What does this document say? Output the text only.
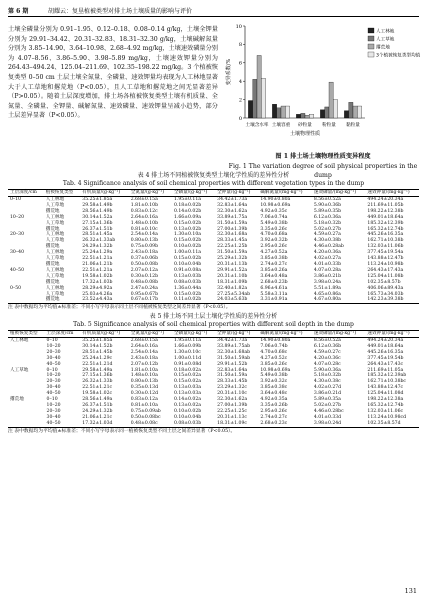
第 6 期	胡耀云：复垦植被类型对排土场土壤质量的影响与评价
土壤全磷量分别为 0.91–1.95、0.12–0.18、0.08–0.14 g/kg，土壤全钾量分别为 29.91–34.42、20.31–32.83、18.31–32.30 g/kg，土壤碱解氮量分别为 3.85–14.90、3.64–10.98、2.68–4.92 mg/kg，土壤速效磷量分别为 4.07–8.56、3.86–5.90、3.98–5.89 mg/kg，土壤速效钾量分别为 264.43–494.24、125.04–211.69、102.35–198.22 mg/kg。3 个植被恢复类型 0–50 cm 土层土壤全氮量、全磷量、速效钾量均表现为人工林地显著大于人工草地和撂荒地（P<0.05），且人工草地和撂荒地之间无显著差异（P>0.05）。随着土层深度增加，排土场各植被恢复类型土壤有机质量、全氮量、全磷量、全钾量、碱解氮量、速效磷量、速效钾量呈减小趋势，部分土层差异显著（P<0.05）。	0
2
4
6
8
10
变异系数/%
土壤含水率 土壤容重 砂粒量 粉粒量 黏粒量
土壤物理性质
人工林地
人工草地
撂荒地
3个植被恢复类型均值
图 1 排土场土壤物理性质变异程度
Fig. 1 The variation degree of soil physical properties in the dump
表 4 排土场不同植被恢复类型土壤化学性质的差异性分析
Tab. 4 Significance analysis of soil chemical properties with different vegetation types in the dump
土层深度/cm	植被恢复类型	有机质量/(g·kg⁻¹)	全氮量/(g·kg⁻¹)	全磷量/(g·kg⁻¹)	全钾量/(g·kg⁻¹)	碱解氮量/(mg·kg⁻¹)	速效磷量/(mg·kg⁻¹)	速效钾量/(mg·kg⁻¹)
0–10	人工林地	35.25±1.85a	2.68±0.15a	1.95±0.11a	34.42±1.73a	14.90±0.80a	8.56±0.52a	494.24±20.34a
	人工草地	29.58±1.49b	1.81±0.10b	0.18±0.02b	32.83±1.64a	10.98±0.69a	5.90±0.36b	211.69±11.05b
	撂荒地	28.56±1.49b	0.83±0.12c	0.14±0.02b	32.30±1.62a	4.92±0.35c	5.89±0.35b	198.22±12.38b
10–20	人工林地	30.14±1.52a	2.64±0.16a	1.66±0.09a	33.89±1.75a	7.06±0.74a	6.12±0.36a	449.01±18.64a
	人工草地	27.15±1.36b	1.48±0.10b	0.15±0.02b	31.50±1.59a	5.49±0.38b	5.18±0.32b	185.32±12.39b
	撂荒地	26.37±1.51b	0.81±0.10c	0.13±0.02b	27.00±1.39b	3.35±0.26c	5.02±0.27b	165.32±12.74b
20–30	人工林地	28.51±1.45a	2.54±0.14a	1.30±0.10a	32.30±1.68a	4.70±0.68a	4.59±0.27a	445.26±16.35a
	人工草地	26.32±1.33ab	0.80±0.13b	0.15±0.02b	28.33±1.45a	3.92±0.32b	4.30±0.38b	162.71±10.38b
	撂荒地	24.29±1.32b	0.75±0.09b	0.10±0.02b	22.25±1.25b	2.95±0.26c	4.46±0.28ab	132.03±11.06b
30–40	人工林地	25.24±1.29a	2.43±0.18a	1.00±0.11a	31.50±1.59a	4.27±0.52a	4.20±0.36a	377.45±19.54a
	人工草地	22.51±1.21a	0.37±0.06b	0.15±0.02b	25.29±1.32b	3.85±0.38b	4.02±0.27a	143.88±12.47b
	撂荒地	21.06±1.21b	0.50±0.08b	0.10±0.04b	20.31±1.13b	2.74±0.27c	4.01±0.33b	113.24±10.98b
40–50	人工林地	22.51±1.21a	2.07±0.12a	0.91±0.08a	29.91±1.52a	3.85±0.26a	4.07±0.28a	264.43±17.43a
	人工草地	19.58±1.02b	0.30±0.12b	0.13±0.03b	20.31±1.10b	3.64±0.48a	3.86±0.21b	125.04±11.08b
	撂荒地	17.32±1.03b	0.48±0.08b	0.08±0.03b	18.31±1.09b	2.68±0.23b	3.98±0.24a	102.35±8.57b
0–50	人工林地	28.29±4.92a	2.47±0.24a	1.36±0.44a	32.40±1.82a	6.96±4.61a	5.51±1.89a	406.06±89.43a
	人工草地	25.03±4.26a	0.95±0.67b	0.15±0.02b	27.25±5.34ab	5.58±3.11a	4.65±0.86a	165.73±34.03b
	撂荒地	23.52±4.43a	0.67±0.17b	0.11±0.02b	24.03±5.63b	3.31±0.91a	4.67±0.80a	142.23±39.38b
注 表中数据均为平均值±标准差；不同小写字母表示同土层不同植被恢复类型之间差异显著（P<0.05）。
表 5 排土场不同土层土壤化学性质的差异性分析
Tab. 5 Significance analysis of soil chemical properties with different soil depth in the dump
植被恢复类型	土层深度/cm	有机质量/(g·kg⁻¹)	全氮量/(g·kg⁻¹)	全磷量/(g·kg⁻¹)	全钾量/(g·kg⁻¹)	碱解氮量/(mg·kg⁻¹)	速效磷量/(mg·kg⁻¹)	速效钾量/(mg·kg⁻¹)
人工林地	0–10	35.25±1.85a	2.68±0.15a	1.95±0.11a	34.42±1.73a	14.90±0.80a	8.56±0.52a	494.24±20.34a
	10–20	30.14±1.52b	2.64±0.16a	1.66±0.09b	33.89±1.75ab	7.06±0.74b	6.12±0.36b	449.01±18.64a
	20–30	28.51±1.45b	2.54±0.14a	1.30±0.10c	32.30±1.68ab	4.70±0.68c	4.59±0.27c	445.26±16.35a
	30–40	25.24±1.29c	2.43±0.18a	1.00±0.11d	31.50±1.59ab	4.27±0.52c	4.20±0.36c	377.45±19.54b
	40–50	22.51±1.21d	2.07±0.12b	0.91±0.08d	29.91±1.52b	3.85±0.26c	4.07±0.28c	264.43±17.43c
人工草地	0–10	29.58±1.49a	1.81±0.10a	0.18±0.02a	32.83±1.64a	10.98±0.69a	5.90±0.36a	211.69±11.05a
	10–20	27.15±1.36b	1.48±0.10a	0.15±0.02a	31.50±1.59a	5.49±0.38b	5.18±0.32b	185.32±12.39ab
	20–30	26.32±1.33b	0.80±0.13b	0.15±0.02a	28.33±1.45b	3.92±0.32c	4.30±0.38c	162.71±10.38bc
	30–40	22.51±1.21c	0.35±0.13d	0.13±0.03a	23.29±1.32c	3.85±0.38c	4.02±0.27d	143.88±12.47c
	40–50	19.58±1.02c	0.30±0.12d	0.13±0.03a	20.31±1.10c	3.64±0.48c	3.86±0.21d	125.04±11.08d
撂荒地	0–10	28.56±1.49a	0.83±0.12a	0.14±0.02a	32.30±1.62a	4.92±0.35a	5.89±0.35a	198.22±12.38a
	10–20	26.37±1.51b	0.81±0.10a	0.13±0.02a	27.00±1.39b	3.35±0.26b	5.02±0.27b	165.32±12.74b
	20–30	24.29±1.32b	0.75±0.09ab	0.10±0.02b	22.25±1.25c	2.95±0.26c	4.46±0.28bc	132.03±11.06c
	30–40	21.06±1.21c	0.50±0.08bc	0.10±0.04b	20.31±1.13c	2.74±0.27c	4.01±0.33d	113.24±10.98cd
	40–50	17.32±1.03d	0.48±0.08c	0.08±0.03b	18.31±1.09c	2.68±0.23c	3.98±0.24d	102.35±8.57d
注 表中数据均为平均值±标准差；不同小写字母表示同一植被恢复类型不同土层之间差异显著（P<0.05）。
131
